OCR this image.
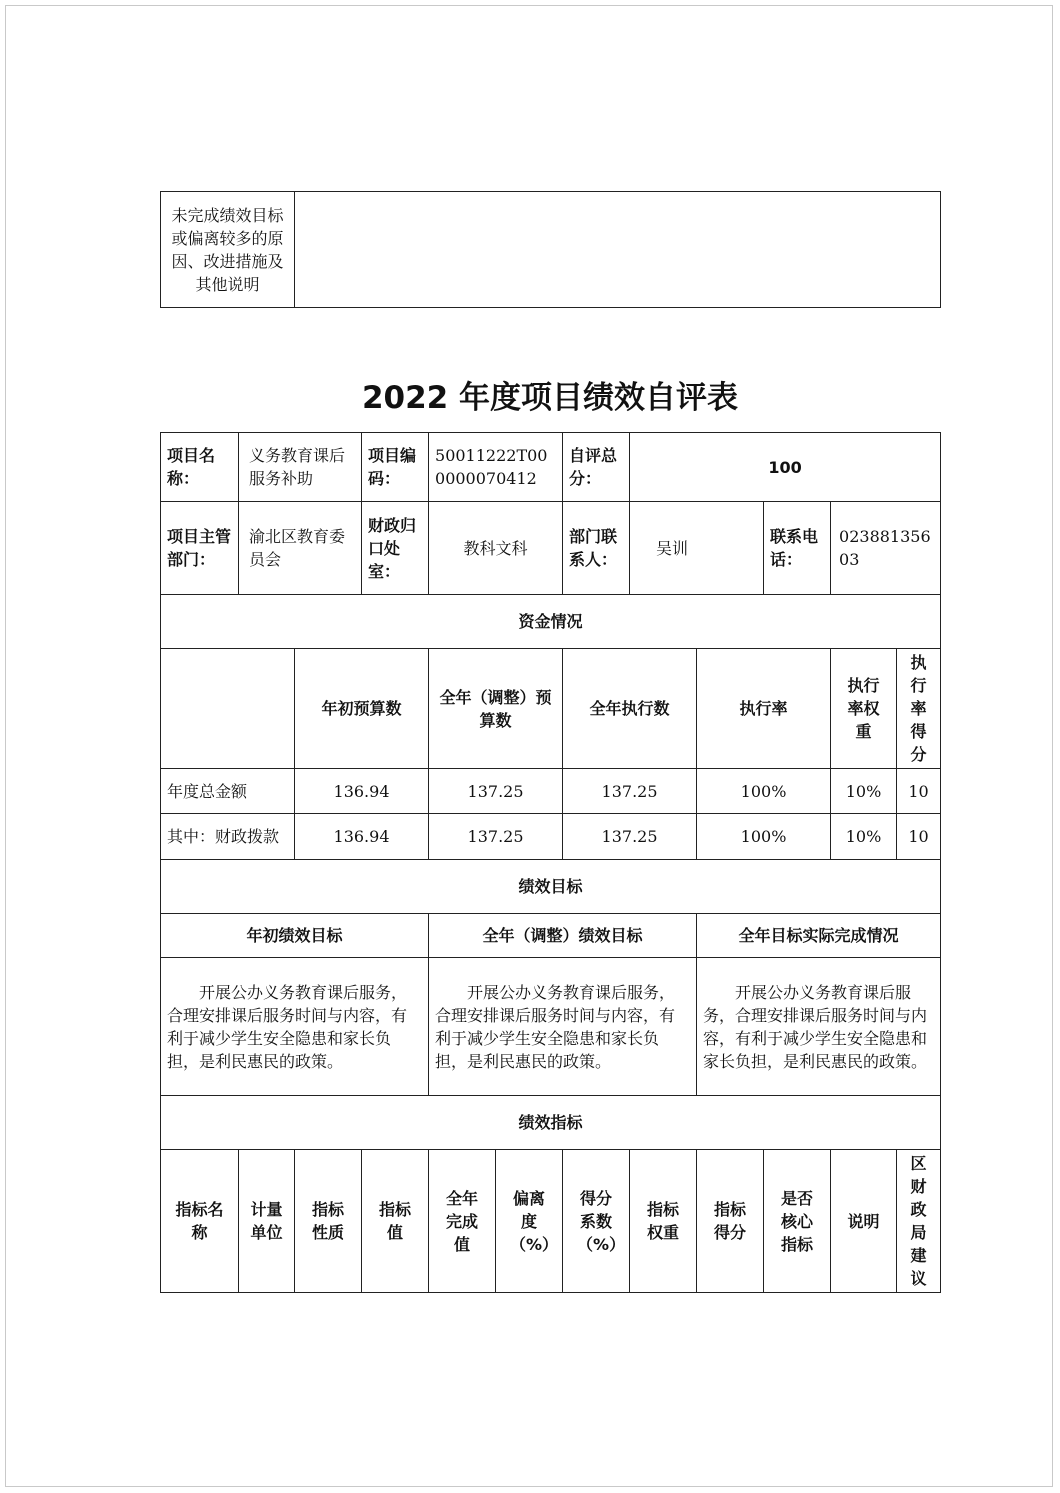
未完成绩效目标或偏离较多的原因、改进措施及其他说明	
2022 年度项目绩效自评表
项目名称：	义务教育课后服务补助		项目编码：	50011222T000000070412		自评总分：	100				
项目主管部门：	渝北区教育委员会		财政归口处室：	教科文科		部门联系人：	吴训		联系电话：	02388135603	
资金情况											
		年初预算数		全年（调整）预算数		全年执行数		执行率		执行率权重	执行率得分
年度总金额		136.94		137.25		137.25		100%		10%	10
其中：财政拨款		136.94		137.25		137.25		100%		10%	10
绩效目标											
年初绩效目标				全年（调整）绩效目标				全年目标实际完成情况			
开展公办义务教育课后服务，合理安排课后服务时间与内容，有利于减少学生安全隐患和家长负担，是利民惠民的政策。				开展公办义务教育课后服务，合理安排课后服务时间与内容，有利于减少学生安全隐患和家长负担，是利民惠民的政策。				开展公办义务教育课后服务，合理安排课后服务时间与内容，有利于减少学生安全隐患和家长负担，是利民惠民的政策。			
绩效指标											
指标名称	计量单位	指标性质	指标值	全年完成值	偏离度（%）	得分系数（%）	指标权重	指标得分	是否核心指标	说明	区财政局建议
